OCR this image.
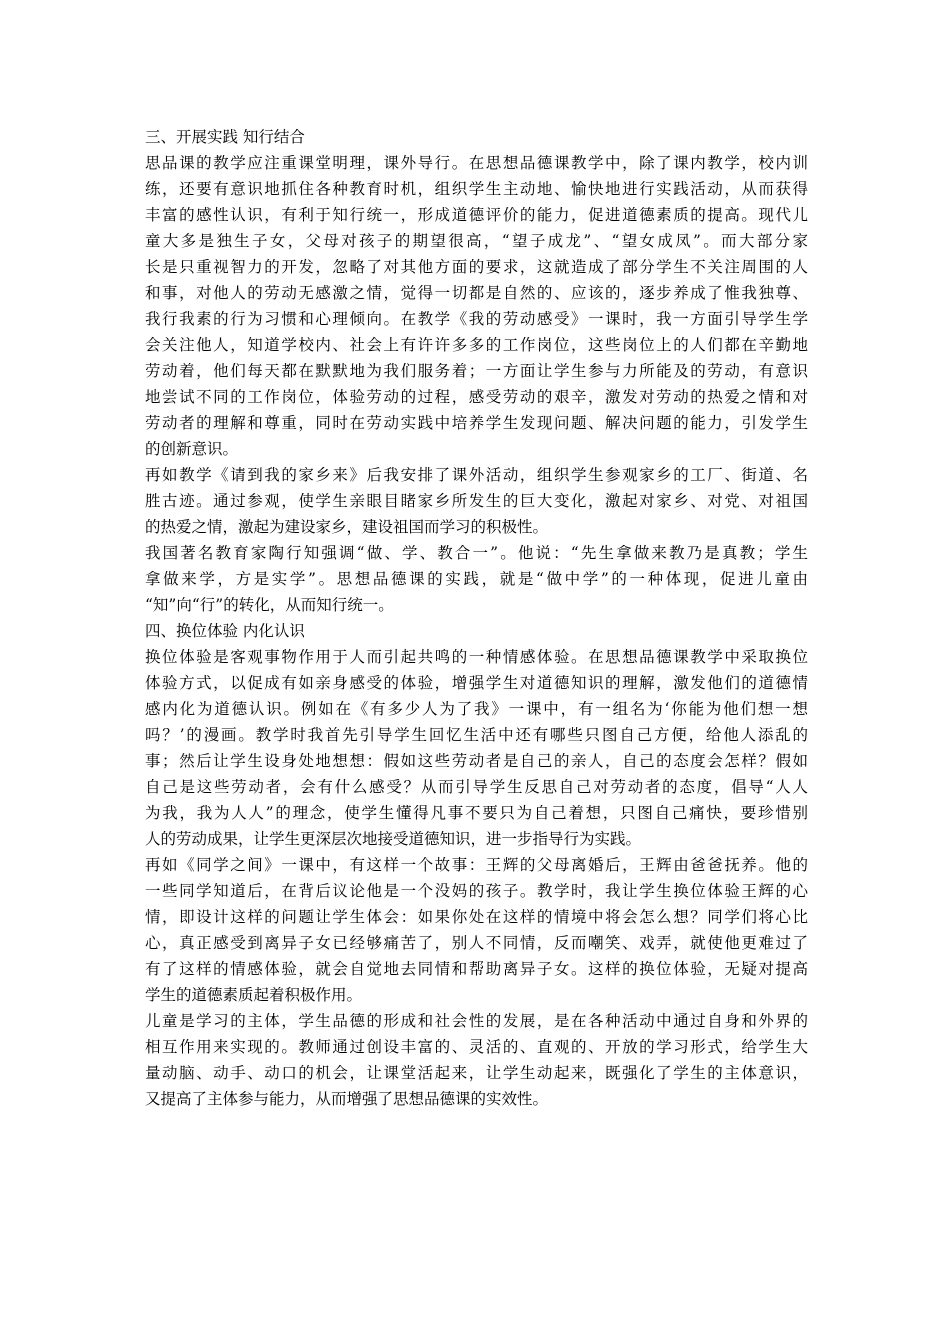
三、开展实践 知行结合
思品课的教学应注重课堂明理，课外导行。在思想品德课教学中，除了课内教学，校内训
练，还要有意识地抓住各种教育时机，组织学生主动地、愉快地进行实践活动，从而获得
丰富的感性认识，有利于知行统一，形成道德评价的能力，促进道德素质的提高。现代儿
童大多是独生子女，父母对孩子的期望很高，“望子成龙”、“望女成凤”。而大部分家
长是只重视智力的开发，忽略了对其他方面的要求，这就造成了部分学生不关注周围的人
和事，对他人的劳动无感激之情，觉得一切都是自然的、应该的，逐步养成了惟我独尊、
我行我素的行为习惯和心理倾向。在教学《我的劳动感受》一课时，我一方面引导学生学
会关注他人，知道学校内、社会上有许许多多的工作岗位，这些岗位上的人们都在辛勤地
劳动着，他们每天都在默默地为我们服务着；一方面让学生参与力所能及的劳动，有意识
地尝试不同的工作岗位，体验劳动的过程，感受劳动的艰辛，激发对劳动的热爱之情和对
劳动者的理解和尊重，同时在劳动实践中培养学生发现问题、解决问题的能力，引发学生
的创新意识。
再如教学《请到我的家乡来》后我安排了课外活动，组织学生参观家乡的工厂、街道、名
胜古迹。通过参观，使学生亲眼目睹家乡所发生的巨大变化，激起对家乡、对党、对祖国
的热爱之情，激起为建设家乡，建设祖国而学习的积极性。
我国著名教育家陶行知强调“做、学、教合一”。他说：“先生拿做来教乃是真教；学生
拿做来学，方是实学”。思想品德课的实践，就是“做中学”的一种体现，促进儿童由
“知”向“行”的转化，从而知行统一。
四、换位体验 内化认识
换位体验是客观事物作用于人而引起共鸣的一种情感体验。在思想品德课教学中采取换位
体验方式，以促成有如亲身感受的体验，增强学生对道德知识的理解，激发他们的道德情
感内化为道德认识。例如在《有多少人为了我》一课中，有一组名为‘你能为他们想一想
吗？’的漫画。教学时我首先引导学生回忆生活中还有哪些只图自己方便，给他人添乱的
事；然后让学生设身处地想想：假如这些劳动者是自己的亲人，自己的态度会怎样？假如
自己是这些劳动者，会有什么感受？从而引导学生反思自己对劳动者的态度，倡导“人人
为我，我为人人”的理念，使学生懂得凡事不要只为自己着想，只图自己痛快，要珍惜别
人的劳动成果，让学生更深层次地接受道德知识，进一步指导行为实践。
再如《同学之间》一课中，有这样一个故事：王辉的父母离婚后，王辉由爸爸抚养。他的
一些同学知道后，在背后议论他是一个没妈的孩子。教学时，我让学生换位体验王辉的心
情，即设计这样的问题让学生体会：如果你处在这样的情境中将会怎么想？同学们将心比
心，真正感受到离异子女已经够痛苦了，别人不同情，反而嘲笑、戏弄，就使他更难过了
有了这样的情感体验，就会自觉地去同情和帮助离异子女。这样的换位体验，无疑对提高
学生的道德素质起着积极作用。
儿童是学习的主体，学生品德的形成和社会性的发展，是在各种活动中通过自身和外界的
相互作用来实现的。教师通过创设丰富的、灵活的、直观的、开放的学习形式，给学生大
量动脑、动手、动口的机会，让课堂活起来，让学生动起来，既强化了学生的主体意识，
又提高了主体参与能力，从而增强了思想品德课的实效性。
